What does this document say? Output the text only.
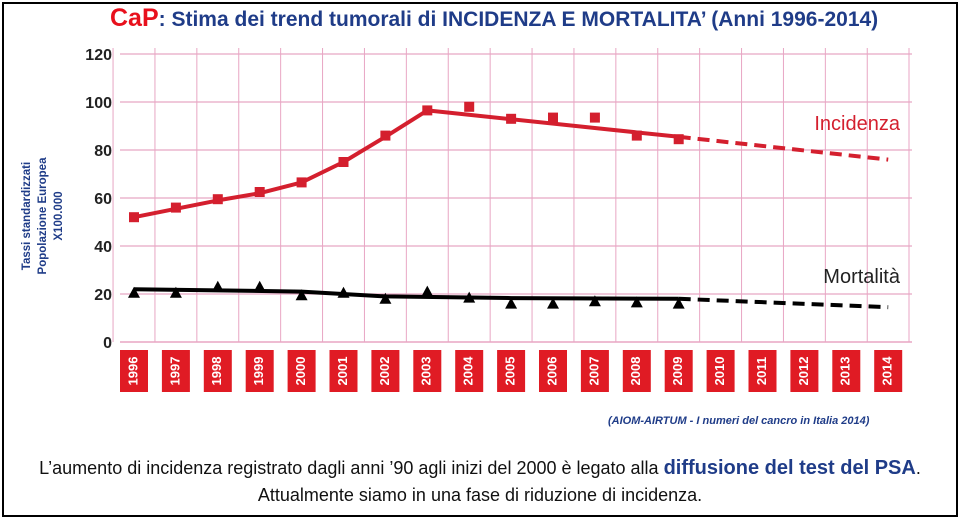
CaP: Stima dei trend tumorali di INCIDENZA E MORTALITA’ (Anni 1996-2014)
Tassi standardizzati Popolazione Europea X100.000
0
20
40
60
80
100
120
1996 1997 1998 1999 2000 2001 2002 2003 2004 2005 2006 2007 2008 2009 2010 2011 2012 2013 2014
Incidenza
Mortalità
(AIOM-AIRTUM - I numeri del cancro in Italia 2014)
L’aumento di incidenza registrato dagli anni ’90 agli inizi del 2000 è legato alla diffusione del test del PSA.
Attualmente siamo in una fase di riduzione di incidenza.
